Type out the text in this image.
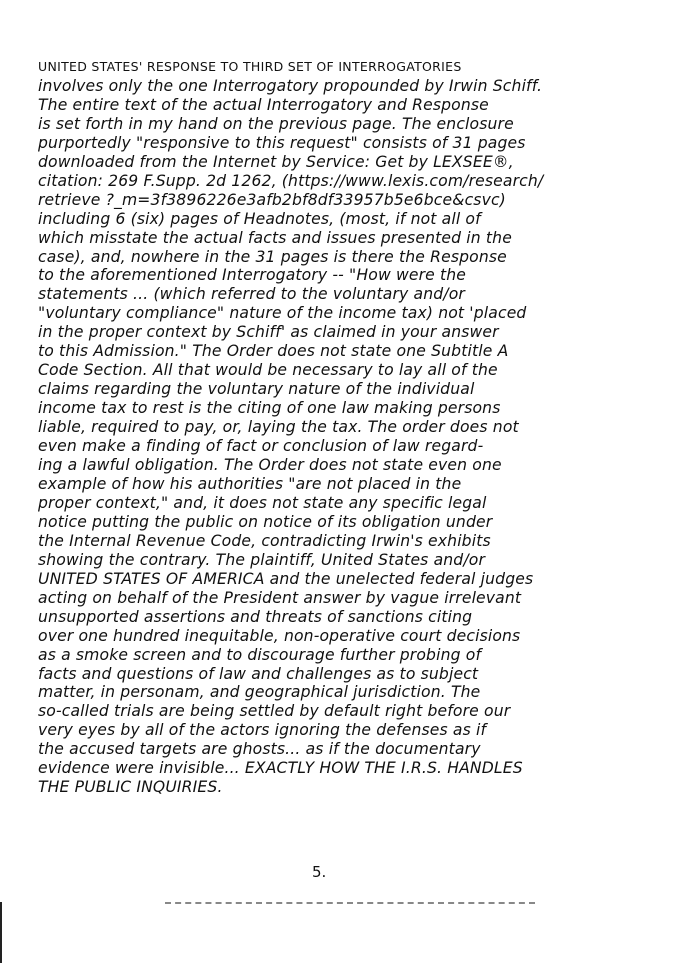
UNITED STATES' RESPONSE TO THIRD SET OF INTERROGATORIES
involves only the one Interrogatory propounded by Irwin Schiff.
The entire text of the actual Interrogatory and Response
is set forth in my hand on the previous page. The enclosure
purportedly "responsive to this request" consists of 31 pages
downloaded from the Internet by Service: Get by LEXSEE®,
citation: 269 F.Supp. 2d 1262, (https://www.lexis.com/research/
retrieve ?_m=3f3896226e3afb2bf8df33957b5e6bce&csvc)
including 6 (six) pages of Headnotes, (most, if not all of
which misstate the actual facts and issues presented in the
case), and, nowhere in the 31 pages is there the Response
to the aforementioned Interrogatory -- "How were the
statements ... (which referred to the voluntary and/or
"voluntary compliance" nature of the income tax) not 'placed
in the proper context by Schiff' as claimed in your answer
to this Admission." The Order does not state one Subtitle A
Code Section. All that would be necessary to lay all of the
claims regarding the voluntary nature of the individual
income tax to rest is the citing of one law making persons
liable, required to pay, or, laying the tax. The order does not
even make a finding of fact or conclusion of law regard-
ing a lawful obligation. The Order does not state even one
example of how his authorities "are not placed in the
proper context," and, it does not state any specific legal
notice putting the public on notice of its obligation under
the Internal Revenue Code, contradicting Irwin's exhibits
showing the contrary. The plaintiff, United States and/or
UNITED STATES OF AMERICA and the unelected federal judges
acting on behalf of the President answer by vague irrelevant
unsupported assertions and threats of sanctions citing
over one hundred inequitable, non-operative court decisions
as a smoke screen and to discourage further probing of
facts and questions of law and challenges as to subject
matter, in personam, and geographical jurisdiction. The
so-called trials are being settled by default right before our
very eyes by all of the actors ignoring the defenses as if
the accused targets are ghosts... as if the documentary
evidence were invisible... EXACTLY HOW THE I.R.S. HANDLES
THE PUBLIC INQUIRIES.
5.
